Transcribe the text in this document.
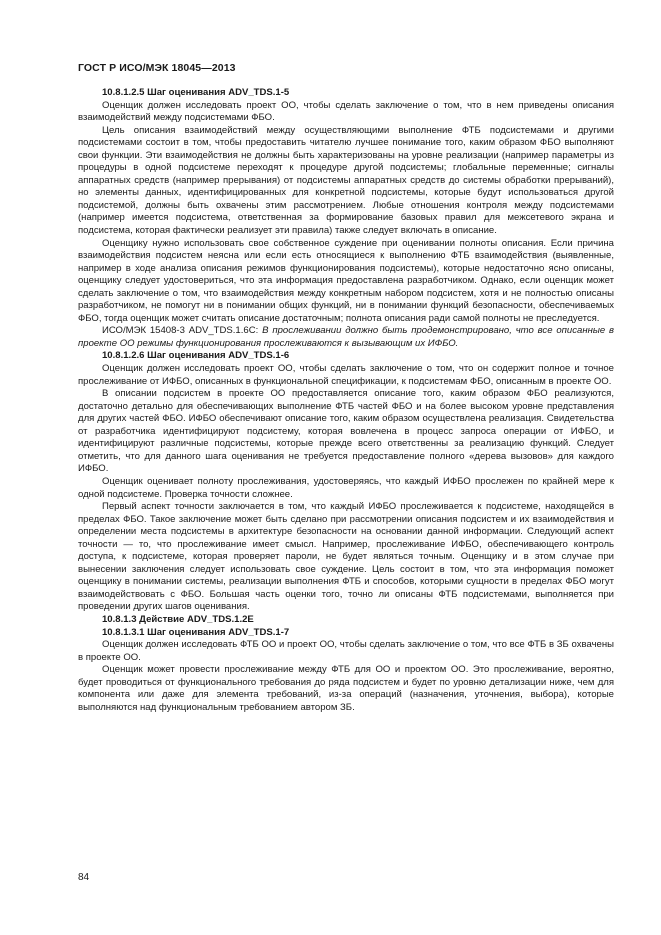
ГОСТ Р ИСО/МЭК 18045—2013

10.8.1.2.5 Шаг оценивания ADV_TDS.1-5

Оценщик должен исследовать проект ОО, чтобы сделать заключение о том, что в нем приведены описания взаимодействий между подсистемами ФБО.

Цель описания взаимодействий между осуществляющими выполнение ФТБ подсистемами и другими подсистемами состоит в том, чтобы предоставить читателю лучшее понимание того, каким образом ФБО выполняют свои функции. Эти взаимодействия не должны быть характеризованы на уровне реализации (например параметры из процедуры в одной подсистеме переходят к процедуре другой подсистемы; глобальные переменные; сигналы аппаратных средств (например прерывания) от подсистемы аппаратных средств до системы обработки прерываний), но элементы данных, идентифицированных для конкретной подсистемы, которые будут использоваться другой подсистемой, должны быть охвачены этим рассмотрением. Любые отношения контроля между подсистемами (например имеется подсистема, ответственная за формирование базовых правил для межсетевого экрана и подсистема, которая фактически реализует эти правила) также следует включать в описание.

Оценщику нужно использовать свое собственное суждение при оценивании полноты описания. Если причина взаимодействия подсистем неясна или если есть относящиеся к выполнению ФТБ взаимодействия (выявленные, например в ходе анализа описания режимов функционирования подсистемы), которые недостаточно ясно описаны, оценщику следует удостовериться, что эта информация предоставлена разработчиком. Однако, если оценщик может сделать заключение о том, что взаимодействия между конкретным набором подсистем, хотя и не полностью описаны разработчиком, не помогут ни в понимании общих функций, ни в понимании функций безопасности, обеспечиваемых ФБО, тогда оценщик может считать описание достаточным; полнота описания ради самой полноты не преследуется.

ИСО/МЭК 15408-3 ADV_TDS.1.6C: В прослеживании должно быть продемонстрировано, что все описанные в проекте ОО режимы функционирования прослеживаются к вызывающим их ИФБО.

10.8.1.2.6 Шаг оценивания ADV_TDS.1-6

Оценщик должен исследовать проект ОО, чтобы сделать заключение о том, что он содержит полное и точное прослеживание от ИФБО, описанных в функциональной спецификации, к подсистемам ФБО, описанным в проекте ОО.

В описании подсистем в проекте ОО предоставляется описание того, каким образом ФБО реализуются, достаточно детально для обеспечивающих выполнение ФТБ частей ФБО и на более высоком уровне представления для других частей ФБО. ИФБО обеспечивают описание того, каким образом осуществлена реализация. Свидетельства от разработчика идентифицируют подсистему, которая вовлечена в процесс запроса операции от ИФБО, и идентифицируют различные подсистемы, которые прежде всего ответственны за реализацию функций. Следует отметить, что для данного шага оценивания не требуется предоставление полного «дерева вызовов» для каждого ИФБО.

Оценщик оценивает полноту прослеживания, удостоверяясь, что каждый ИФБО прослежен по крайней мере к одной подсистеме. Проверка точности сложнее.

Первый аспект точности заключается в том, что каждый ИФБО прослеживается к подсистеме, находящейся в пределах ФБО. Такое заключение может быть сделано при рассмотрении описания подсистем и их взаимодействия и определении места подсистемы в архитектуре безопасности на основании данной информации. Следующий аспект точности — то, что прослеживание имеет смысл. Например, прослеживание ИФБО, обеспечивающего контроль доступа, к подсистеме, которая проверяет пароли, не будет являться точным. Оценщику и в этом случае при вынесении заключения следует использовать свое суждение. Цель состоит в том, что эта информация поможет оценщику в понимании системы, реализации выполнения ФТБ и способов, которыми сущности в пределах ФБО могут взаимодействовать с ФБО. Большая часть оценки того, точно ли описаны ФТБ подсистемами, выполняется при проведении других шагов оценивания.

10.8.1.3 Действие ADV_TDS.1.2E

10.8.1.3.1 Шаг оценивания ADV_TDS.1-7

Оценщик должен исследовать ФТБ ОО и проект ОО, чтобы сделать заключение о том, что все ФТБ в ЗБ охвачены в проекте ОО.

Оценщик может провести прослеживание между ФТБ для ОО и проектом ОО. Это прослеживание, вероятно, будет проводиться от функционального требования до ряда подсистем и будет по уровню детализации ниже, чем для компонента или даже для элемента требований, из-за операций (назначения, уточнения, выбора), которые выполняются над функциональным требованием автором ЗБ.

84
